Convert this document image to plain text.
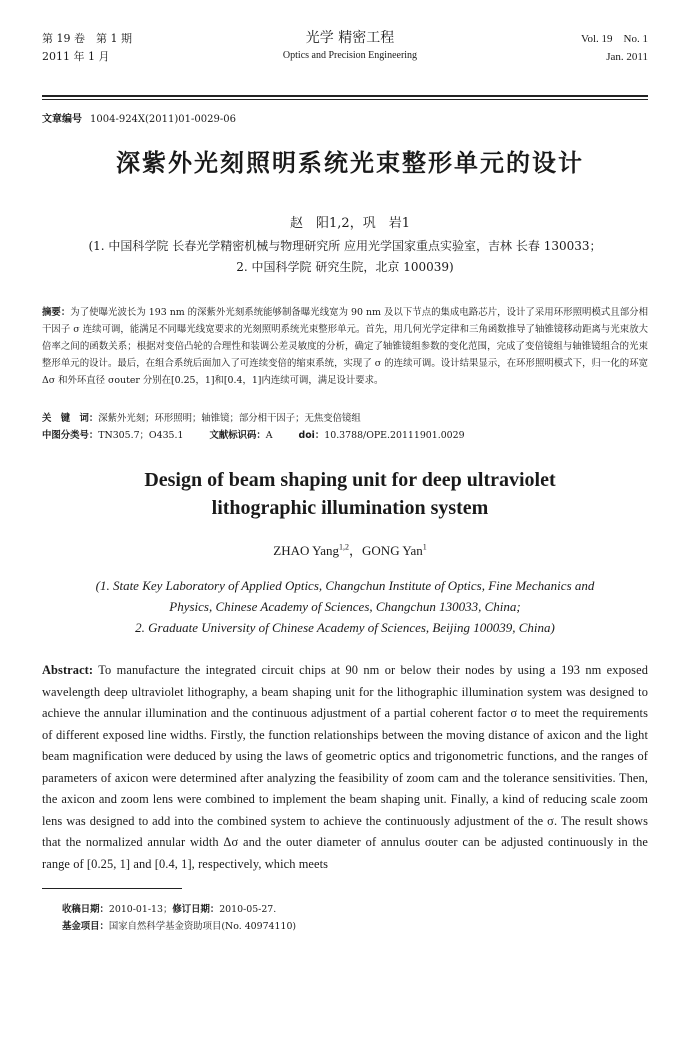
第 19 卷　第 1 期
2011 年 1 月
光学 精密工程
Optics and Precision Engineering
Vol. 19　No. 1
Jan. 2011
文章编号 1004-924X(2011)01-0029-06
深紫外光刻照明系统光束整形单元的设计
赵　阳1,2，巩　岩1
(1. 中国科学院 长春光学精密机械与物理研究所 应用光学国家重点实验室，吉林 长春 130033；
2. 中国科学院 研究生院，北京 100039)
摘要：为了使曝光波长为 193 nm 的深紫外光刻系统能够制备曝光线宽为 90 nm 及以下节点的集成电路芯片，设计了采用环形照明模式且部分相干因子 σ 连续可调，能满足不同曝光线宽要求的光刻照明系统光束整形单元。首先，用几何光学定律和三角函数推导了轴锥镜移动距离与光束放大倍率之间的函数关系；根据对变倍凸轮的合理性和装调公差灵敏度的分析，确定了轴锥镜组参数的变化范围，完成了变倍镜组与轴锥镜组合的光束整形单元的设计。最后，在组合系统后面加入了可连续变倍的缩束系统，实现了 σ 的连续可调。设计结果显示，在环形照明模式下，归一化的环宽 Δσ 和外环直径 σouter 分别在[0.25，1]和[0.4，1]内连续可调，满足设计要求。
关　键　词：深紫外光刻；环形照明；轴锥镜；部分相干因子；无焦变倍镜组
中图分类号：TN305.7；O435.1	文献标识码：A	doi：10.3788/OPE.20111901.0029
Design of beam shaping unit for deep ultraviolet
lithographic illumination system
ZHAO Yang$^{1,2}$，GONG Yan$^1$
(1. State Key Laboratory of Applied Optics, Changchun Institute of Optics, Fine Mechanics and
Physics, Chinese Academy of Sciences, Changchun 130033, China;
2. Graduate University of Chinese Academy of Sciences, Beijing 100039, China)
Abstract: To manufacture the integrated circuit chips at 90 nm or below their nodes by using a 193 nm exposed wavelength deep ultraviolet lithography, a beam shaping unit for the lithographic illumination system was designed to achieve the annular illumination and the continuous adjustment of a partial coherent factor σ to meet the requirements of different exposed line widths. Firstly, the function relationships between the moving distance of axicon and the light beam magnification were deduced by using the laws of geometric optics and trigonometric functions, and the ranges of parameters of axicon were determined after analyzing the feasibility of zoom cam and the tolerance sensitivities. Then, the axicon and zoom lens were combined to implement the beam shaping unit. Finally, a kind of reducing scale zoom lens was designed to add into the combined system to achieve the continuously adjustment of the σ. The result shows that the normalized annular width Δσ and the outer diameter of annulus σouter can be adjusted continuously in the range of [0.25, 1] and [0.4, 1], respectively, which meets
收稿日期：2010-01-13；修订日期：2010-05-27.
基金项目：国家自然科学基金资助项目(No. 40974110)
